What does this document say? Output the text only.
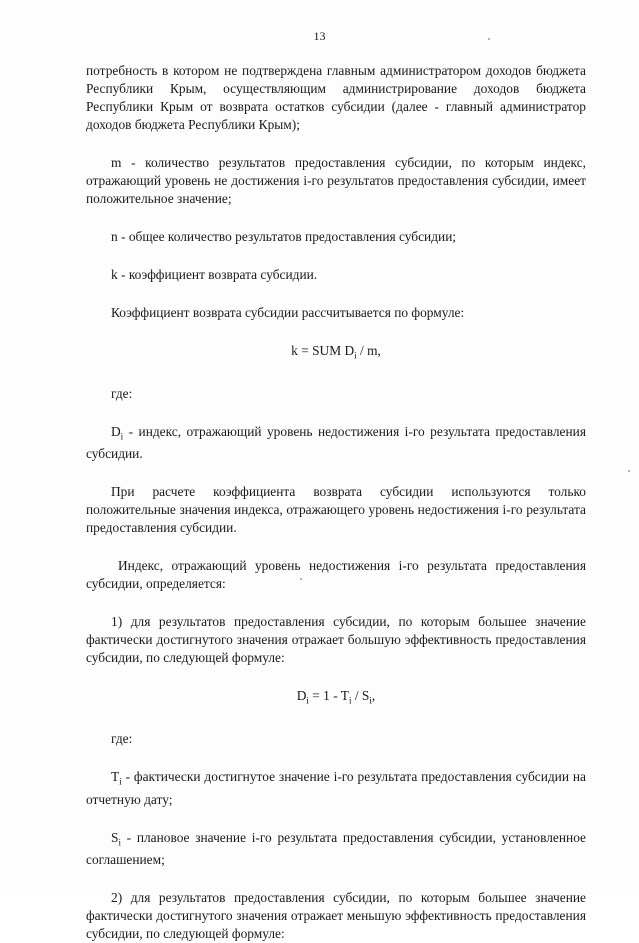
13

потребность в котором не подтверждена главным администратором доходов бюджета Республики Крым, осуществляющим администрирование доходов бюджета Республики Крым от возврата остатков субсидии (далее - главный администратор доходов бюджета Республики Крым);

m - количество результатов предоставления субсидии, по которым индекс, отражающий уровень не достижения i-го результатов предоставления субсидии, имеет положительное значение;

n - общее количество результатов предоставления субсидии;

k - коэффициент возврата субсидии.

Коэффициент возврата субсидии рассчитывается по формуле:

k = SUM $D_i$ / m,

где:

$D_i$ - индекс, отражающий уровень недостижения i-го результата предоставления субсидии.

При расчете коэффициента возврата субсидии используются только положительные значения индекса, отражающего уровень недостижения i-го результата предоставления субсидии.

Индекс, отражающий уровень недостижения i-го результата предоставления субсидии, определяется:

1) для результатов предоставления субсидии, по которым большее значение фактически достигнутого значения отражает большую эффективность предоставления субсидии, по следующей формуле:

$D_i = 1 - T_i / S_i$,

где:

$T_i$ - фактически достигнутое значение i-го результата предоставления субсидии на отчетную дату;

$S_i$ - плановое значение i-го результата предоставления субсидии, установленное соглашением;

2) для результатов предоставления субсидии, по которым большее значение фактически достигнутого значения отражает меньшую эффективность предоставления субсидии, по следующей формуле:
